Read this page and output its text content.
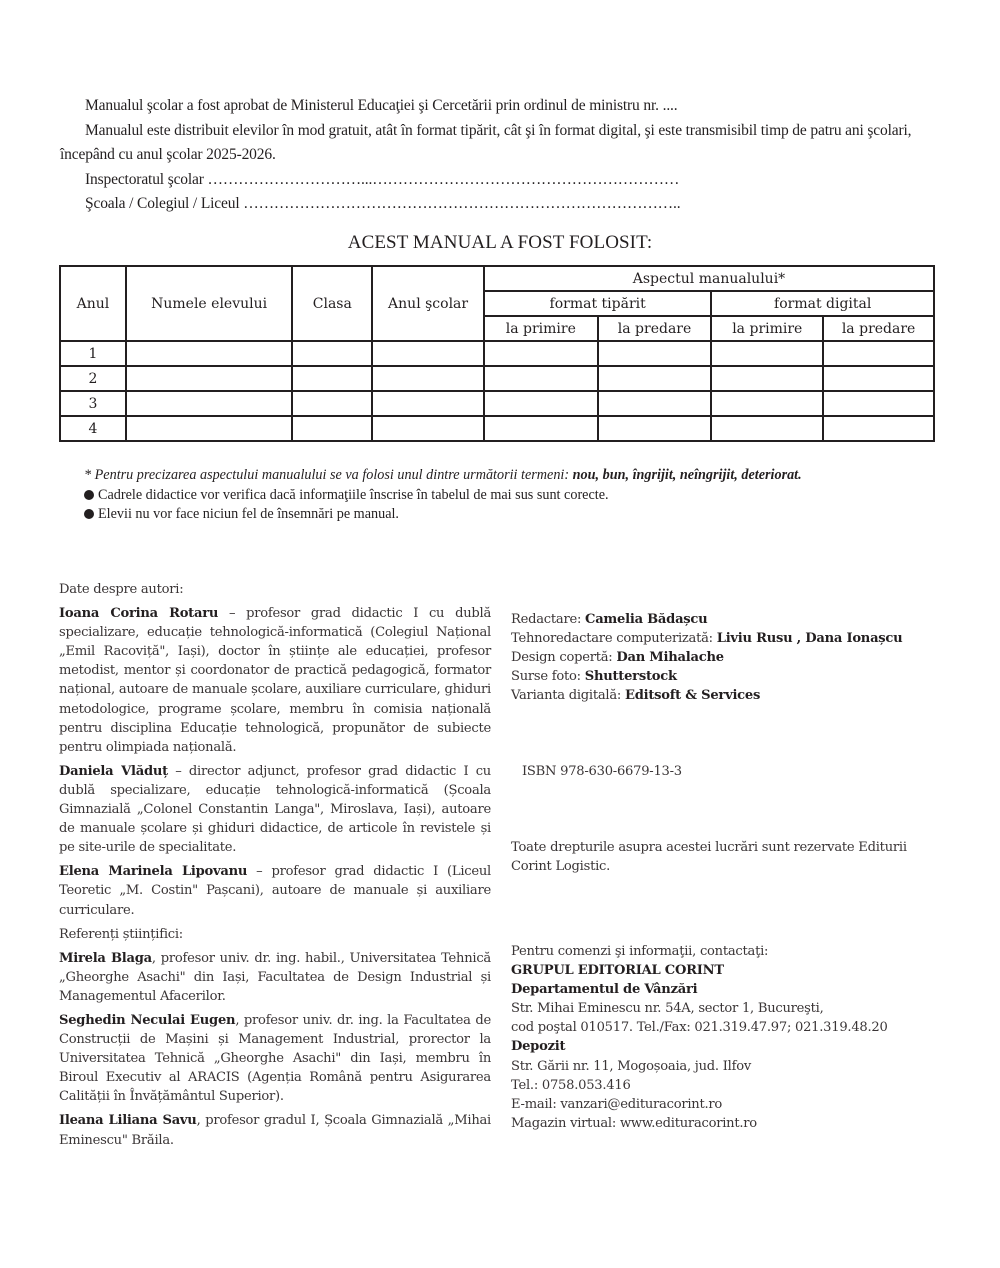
Manualul şcolar a fost aprobat de Ministerul Educaţiei şi Cercetării prin ordinul de ministru nr. ....

Manualul este distribuit elevilor în mod gratuit, atât în format tipărit, cât şi în format digital, şi este transmisibil timp de patru ani şcolari, începând cu anul şcolar 2025-2026.

Inspectoratul şcolar …………………………...……………………………………………………

Şcoala / Colegiul / Liceul …………………………………………………………………………..

ACEST MANUAL A FOST FOLOSIT:
Anul	Numele elevului	Clasa	Anul şcolar	Aspectul manualului*			
				format tipărit		format digital	
				la primire	la predare	la primire	la predare
1							
2							
3							
4							

* Pentru precizarea aspectului manualului se va folosi unul dintre următorii termeni: nou, bun, îngrijit, neîngrijit, deteriorat.

Cadrele didactice vor verifica dacă informaţiile înscrise în tabelul de mai sus sunt corecte.

Elevii nu vor face niciun fel de însemnări pe manual.

Date despre autori:

Ioana Corina Rotaru – profesor grad didactic I cu dublă specializare, educație tehnologică-informatică (Colegiul Național „Emil Racoviță", Iași), doctor în științe ale educației, profesor metodist, mentor și coordonator de practică pedagogică, formator național, autoare de manuale școlare, auxiliare curriculare, ghiduri metodologice, programe școlare, membru în comisia națională pentru disciplina Educație tehnologică, propunător de subiecte pentru olimpiada națională.

Daniela Vlăduț – director adjunct, profesor grad didactic I cu dublă specializare, educație tehnologică-informatică (Școala Gimnazială „Colonel Constantin Langa", Miroslava, Iași), autoare de manuale școlare și ghiduri didactice, de articole în revistele și pe site-urile de specialitate.

Elena Marinela Lipovanu – profesor grad didactic I (Liceul Teoretic „M. Costin" Pașcani), autoare de manuale și auxiliare curriculare.

Referenți științifici:

Mirela Blaga, profesor univ. dr. ing. habil., Universitatea Tehnică „Gheorghe Asachi" din Iași, Facultatea de Design Industrial și Managementul Afacerilor.

Seghedin Neculai Eugen, profesor univ. dr. ing. la Facultatea de Construcții de Mașini și Management Industrial, prorector la Universitatea Tehnică „Gheorghe Asachi" din Iași, membru în Biroul Executiv al ARACIS (Agenția Română pentru Asigurarea Calității în Învățământul Superior).

Ileana Liliana Savu, profesor gradul I, Școala Gimnazială „Mihai Eminescu" Brăila.

Redactare: Camelia Bădașcu

Tehnoredactare computerizată: Liviu Rusu , Dana Ionașcu

Design copertă: Dan Mihalache

Surse foto: Shutterstock

Varianta digitală: Editsoft & Services

ISBN 978-630-6679-13-3
Toate drepturile asupra acestei lucrări sunt rezervate Editurii Corint Logistic.

Pentru comenzi şi informaţii, contactaţi:

GRUPUL EDITORIAL CORINT

Departamentul de Vânzări

Str. Mihai Eminescu nr. 54A, sector 1, Bucureşti,

cod poştal 010517. Tel./Fax: 021.319.47.97; 021.319.48.20

Depozit

Str. Gării nr. 11, Mogoșoaia, jud. Ilfov

Tel.: 0758.053.416

E-mail: vanzari@edituracorint.ro

Magazin virtual: www.edituracorint.ro
